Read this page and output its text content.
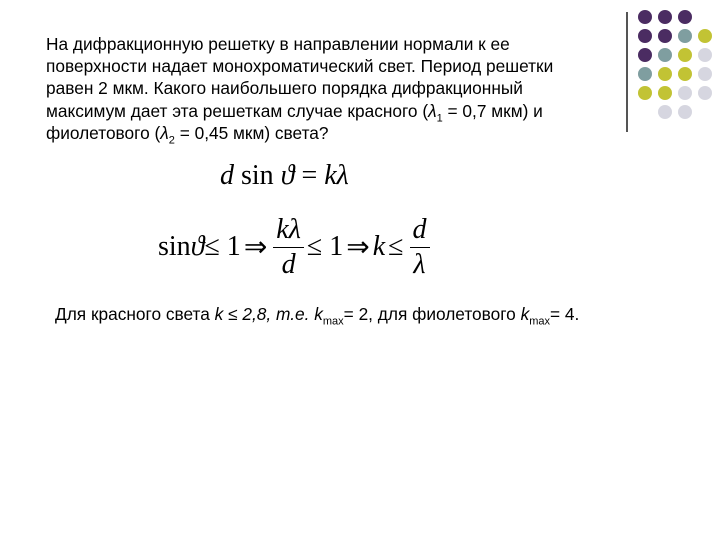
На дифракционную решетку в направлении нормали к ее
поверхности надает монохроматический свет. Период решетки
равен 2 мкм. Какого наибольшего порядка дифракционный
максимум дает эта решеткам случае красного ($\lambda_1 = 0,7$ мкм) и
фиолетового ($\lambda_2 = 0,45$ мкм) света?

d sin ϑ = kλ
sin ϑ ≤ 1 ⇒ $\frac{k\lambda}{d} \le 1$ ⇒ $k \le \frac{d}{\lambda}$

Для красного света k ≤ 2,8, т.е. $k_{max}= 2$, для фиолетового $k_{max}= 4$.
